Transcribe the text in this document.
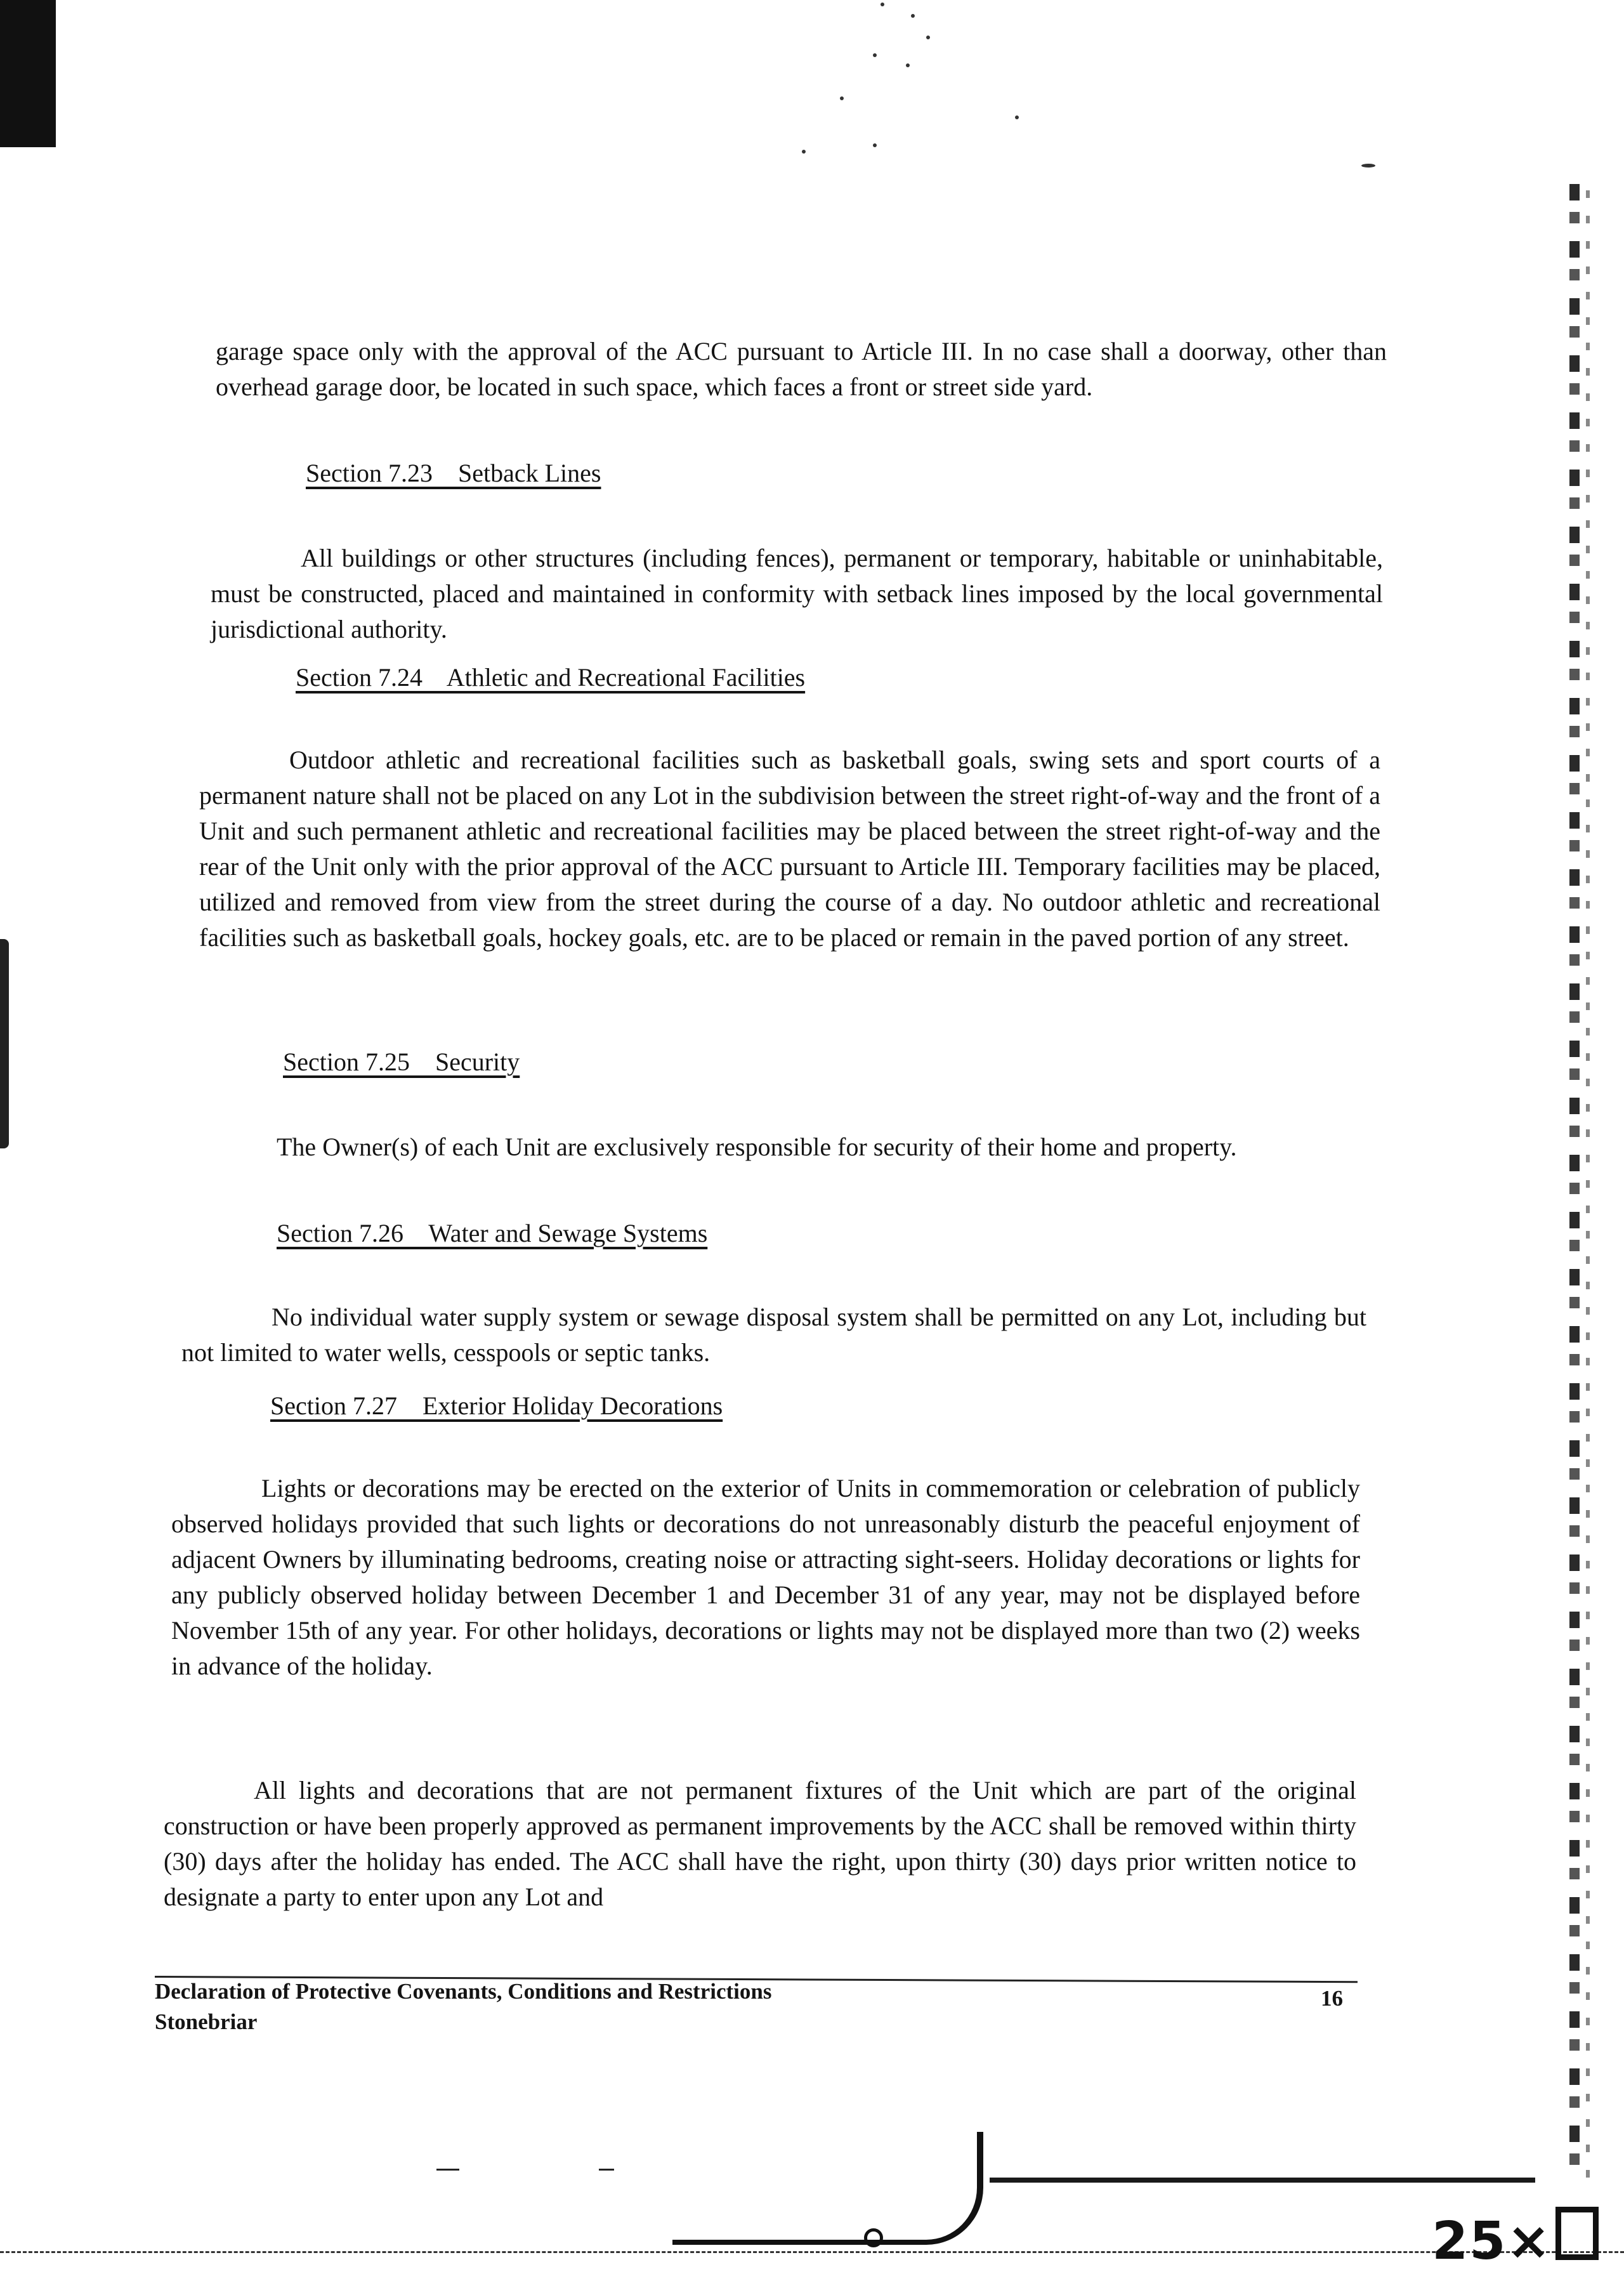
garage space only with the approval of the ACC pursuant to Article III. In no case shall a doorway, other than overhead garage door, be located in such space, which faces a front or street side yard.
Section 7.23    Setback Lines
All buildings or other structures (including fences), permanent or temporary, habitable or uninhabitable, must be constructed, placed and maintained in conformity with setback lines imposed by the local governmental jurisdictional authority.
Section 7.24    Athletic and Recreational Facilities
Outdoor athletic and recreational facilities such as basketball goals, swing sets and sport courts of a permanent nature shall not be placed on any Lot in the subdivision between the street right-of-way and the front of a Unit and such permanent athletic and recreational facilities may be placed between the street right-of-way and the rear of the Unit only with the prior approval of the ACC pursuant to Article III. Temporary facilities may be placed, utilized and removed from view from the street during the course of a day. No outdoor athletic and recreational facilities such as basketball goals, hockey goals, etc. are to be placed or remain in the paved portion of any street.
Section 7.25    Security
The Owner(s) of each Unit are exclusively responsible for security of their home and property.
Section 7.26    Water and Sewage Systems
No individual water supply system or sewage disposal system shall be permitted on any Lot, including but not limited to water wells, cesspools or septic tanks.
Section 7.27    Exterior Holiday Decorations
Lights or decorations may be erected on the exterior of Units in commemoration or celebration of publicly observed holidays provided that such lights or decorations do not unreasonably disturb the peaceful enjoyment of adjacent Owners by illuminating bedrooms, creating noise or attracting sight-seers. Holiday decorations or lights for any publicly observed holiday between December 1 and December 31 of any year, may not be displayed before November 15th of any year. For other holidays, decorations or lights may not be displayed more than two (2) weeks in advance of the holiday.
All lights and decorations that are not permanent fixtures of the Unit which are part of the original construction or have been properly approved as permanent improvements by the ACC shall be removed within thirty (30) days after the holiday has ended. The ACC shall have the right, upon thirty (30) days prior written notice to designate a party to enter upon any Lot and
Declaration of Protective Covenants, Conditions and Restrictions
Stonebriar
16
25×
